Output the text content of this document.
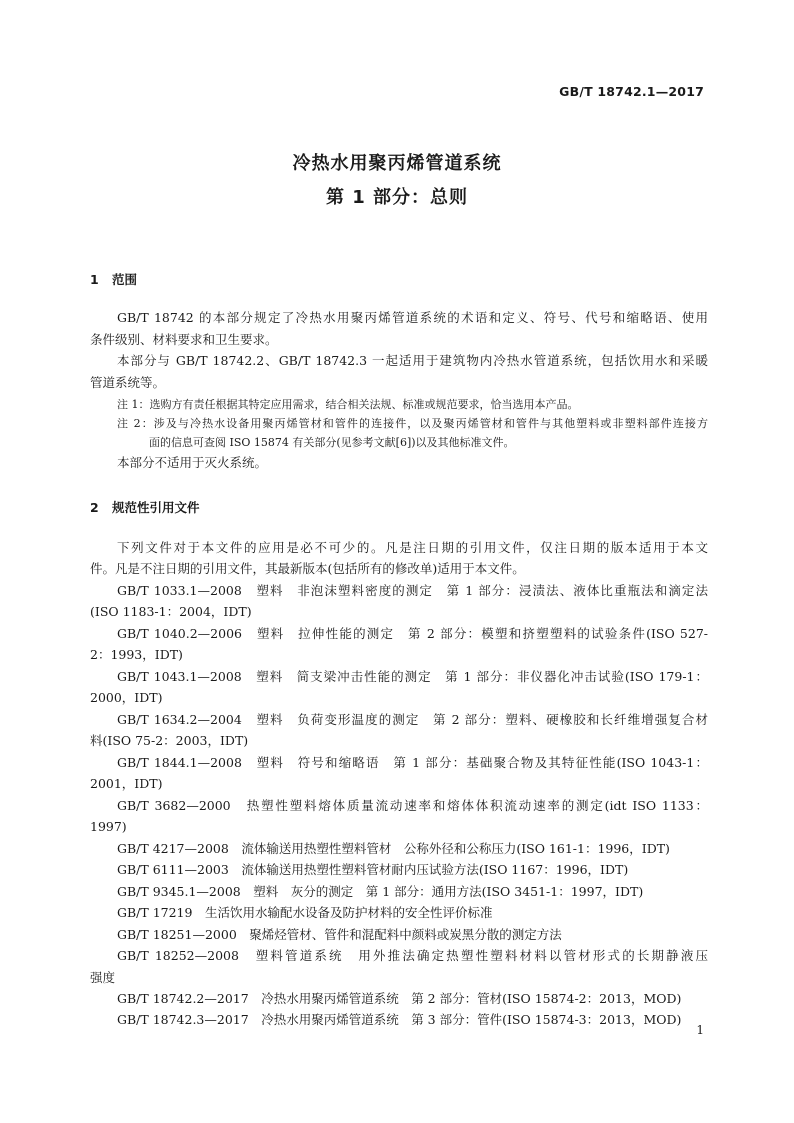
GB/T 18742.1—2017
冷热水用聚丙烯管道系统
第 1 部分：总则
1 范围
GB/T 18742 的本部分规定了冷热水用聚丙烯管道系统的术语和定义、符号、代号和缩略语、使用
条件级别、材料要求和卫生要求。
本部分与 GB/T 18742.2、GB/T 18742.3 一起适用于建筑物内冷热水管道系统，包括饮用水和采暖
管道系统等。
注 1：选购方有责任根据其特定应用需求，结合相关法规、标准或规范要求，恰当选用本产品。
注 2：涉及与冷热水设备用聚丙烯管材和管件的连接件，以及聚丙烯管材和管件与其他塑料或非塑料部件连接方
面的信息可查阅 ISO 15874 有关部分(见参考文献[6])以及其他标准文件。
本部分不适用于灭火系统。
2 规范性引用文件
下列文件对于本文件的应用是必不可少的。凡是注日期的引用文件，仅注日期的版本适用于本文
件。凡是不注日期的引用文件，其最新版本(包括所有的修改单)适用于本文件。
GB/T 1033.1—2008　塑料　非泡沫塑料密度的测定　第 1 部分：浸渍法、液体比重瓶法和滴定法
(ISO 1183-1：2004，IDT)
GB/T 1040.2—2006　塑料　拉伸性能的测定　第 2 部分：模塑和挤塑塑料的试验条件(ISO 527-
2：1993，IDT)
GB/T 1043.1—2008　塑料　简支梁冲击性能的测定　第 1 部分：非仪器化冲击试验(ISO 179-1：
2000，IDT)
GB/T 1634.2—2004　塑料　负荷变形温度的测定　第 2 部分：塑料、硬橡胶和长纤维增强复合材
料(ISO 75-2：2003，IDT)
GB/T 1844.1—2008　塑料　符号和缩略语　第 1 部分：基础聚合物及其特征性能(ISO 1043-1：
2001，IDT)
GB/T 3682—2000　热塑性塑料熔体质量流动速率和熔体体积流动速率的测定(idt ISO 1133：
1997)
GB/T 4217—2008　流体输送用热塑性塑料管材　公称外径和公称压力(ISO 161-1：1996，IDT)
GB/T 6111—2003　流体输送用热塑性塑料管材耐内压试验方法(ISO 1167：1996，IDT)
GB/T 9345.1—2008　塑料　灰分的测定　第 1 部分：通用方法(ISO 3451-1：1997，IDT)
GB/T 17219　生活饮用水输配水设备及防护材料的安全性评价标准
GB/T 18251—2000　聚烯烃管材、管件和混配料中颜料或炭黑分散的测定方法
GB/T 18252—2008　塑料管道系统　用外推法确定热塑性塑料材料以管材形式的长期静液压
强度
GB/T 18742.2—2017　冷热水用聚丙烯管道系统　第 2 部分：管材(ISO 15874-2：2013，MOD)
GB/T 18742.3—2017　冷热水用聚丙烯管道系统　第 3 部分：管件(ISO 15874-3：2013，MOD)
1
